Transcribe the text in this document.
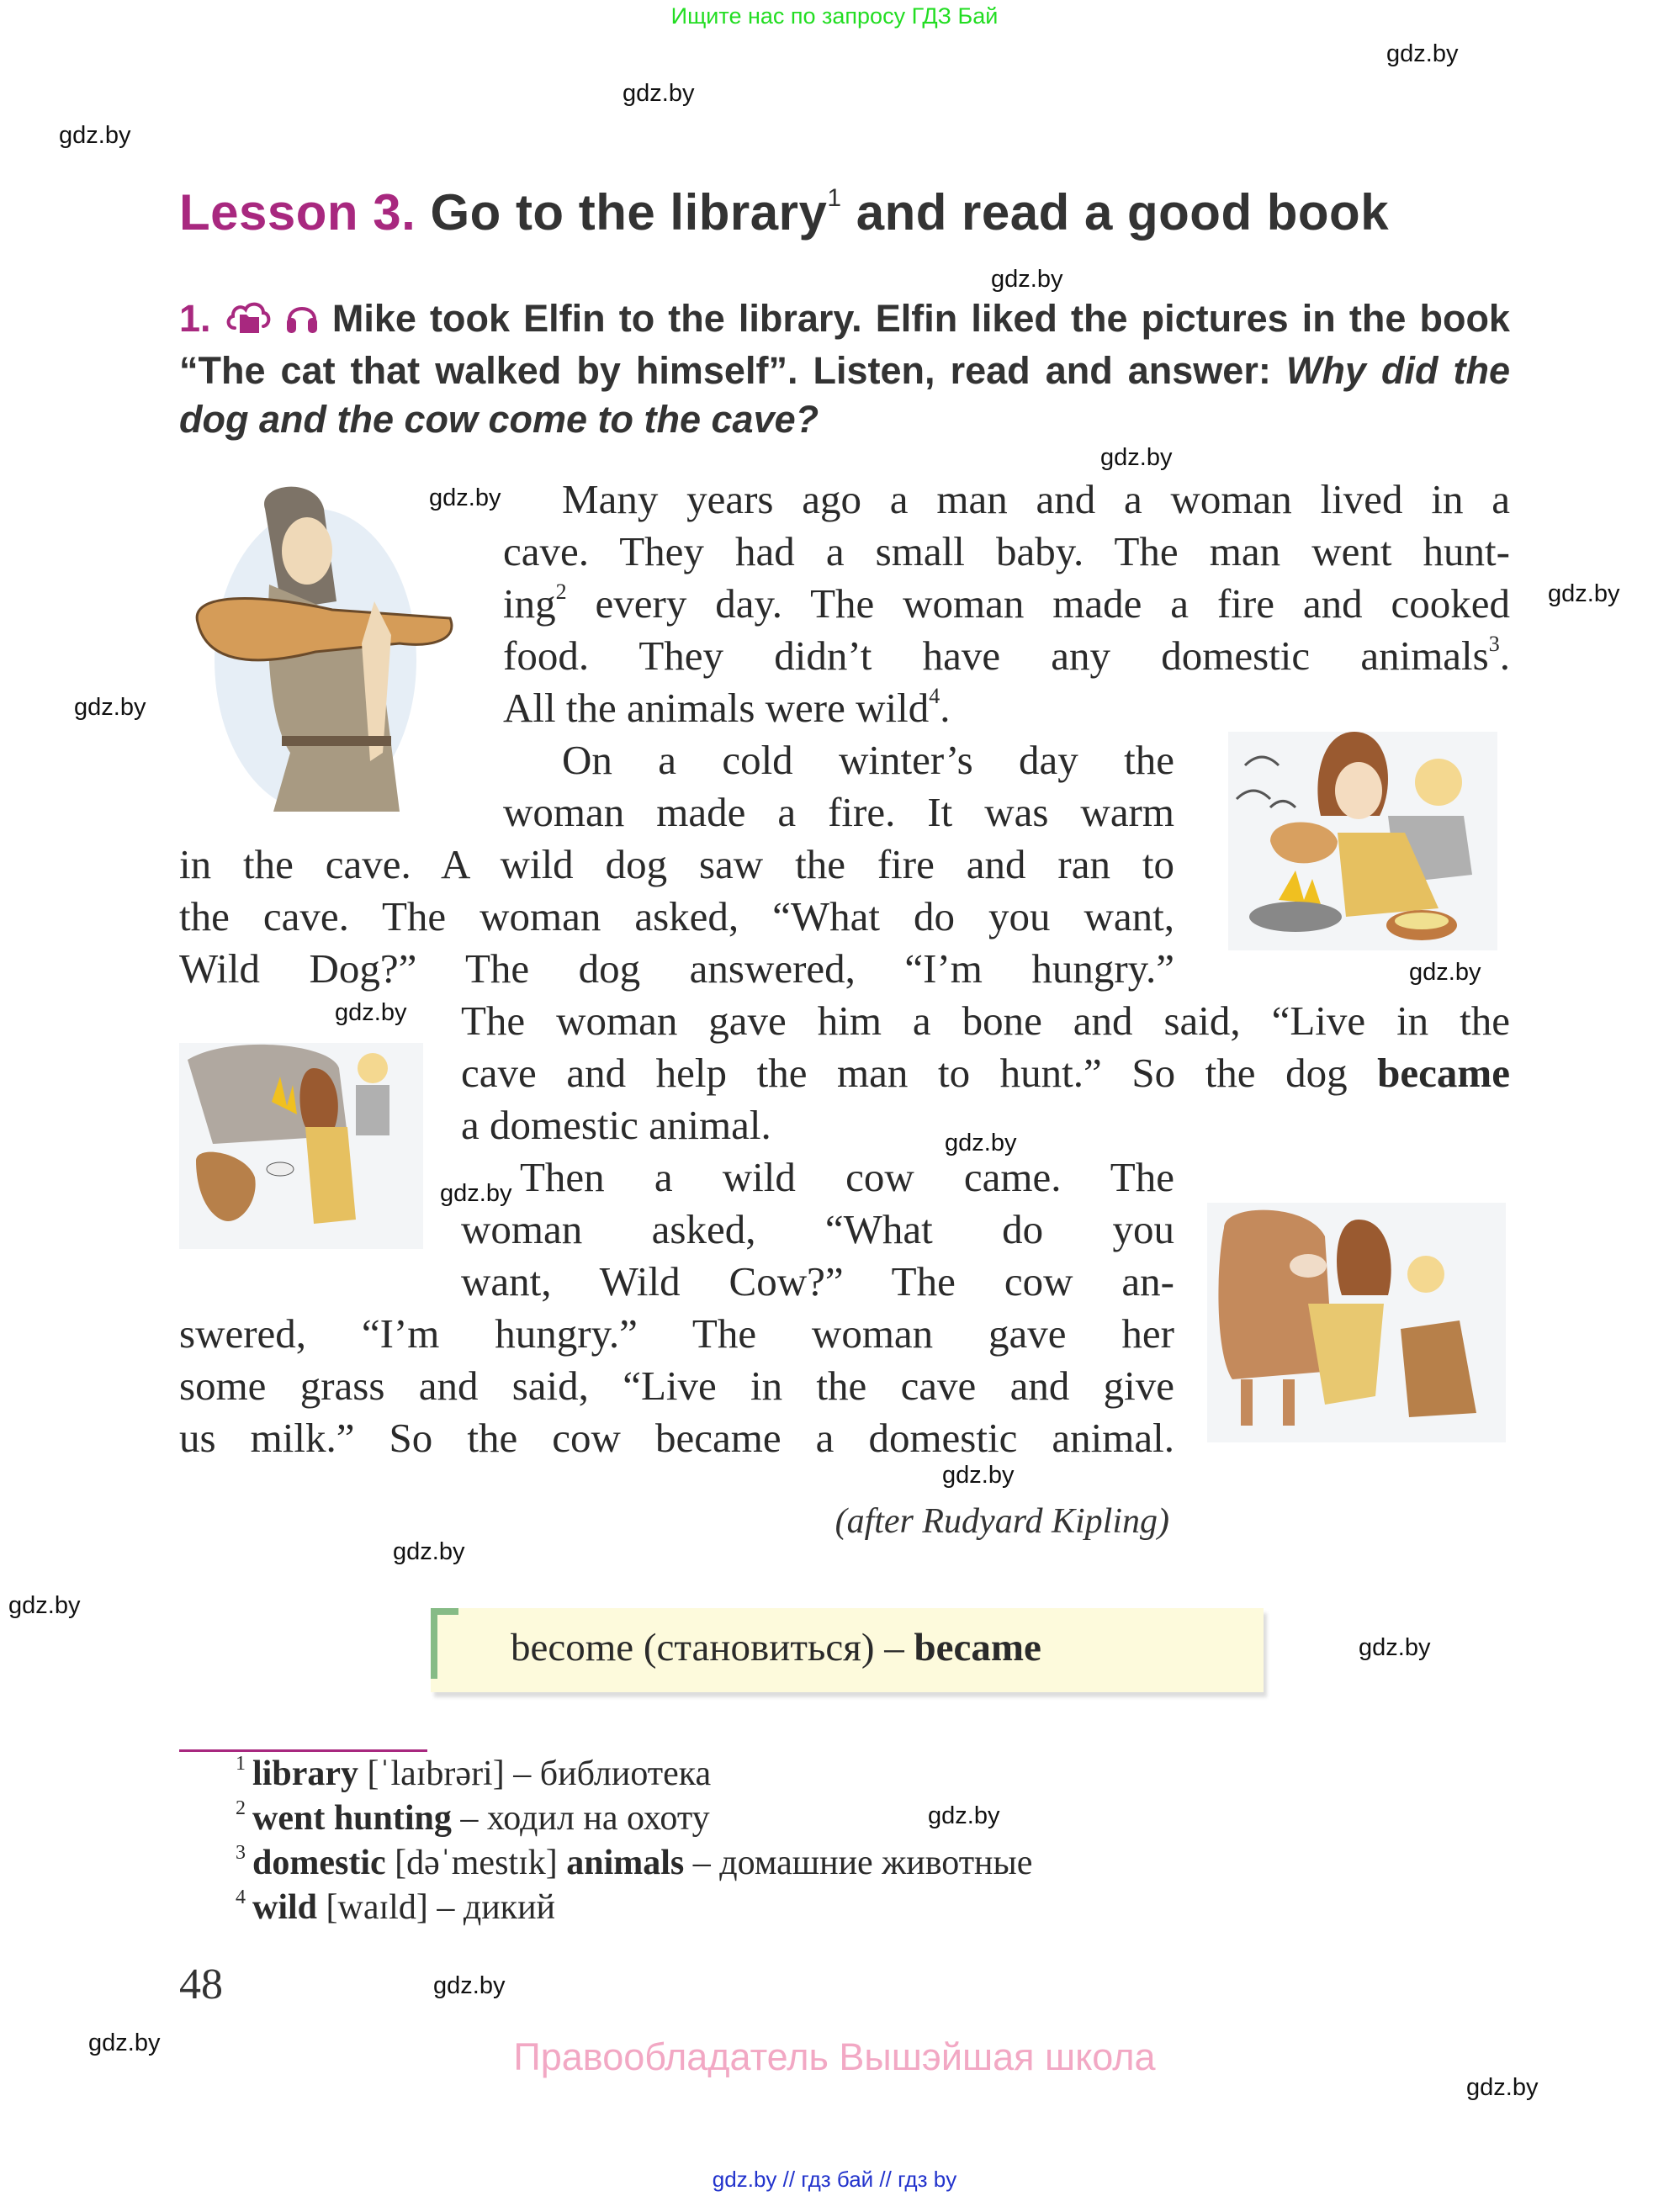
Ищите нас по запросу ГДЗ Бай
gdz.by
gdz.by
gdz.by
gdz.by
gdz.by
gdz.by
gdz.by
gdz.by
gdz.by
gdz.by
gdz.by
gdz.by
gdz.by
gdz.by
gdz.by
gdz.by
gdz.by
gdz.by
gdz.by
gdz.by
Lesson 3. Go to the library$^1$ and read a good book
1.	Mike took Elfin to the library. Elfin liked the pictures in the book “The cat that walked by himself”. Listen, read and answer: Why did the dog and the cow come to the cave?
Many years ago a man and a woman lived in a
cave. They had a small baby. The man went hunt-
ing$^2$ every day. The woman made a fire and cooked
food. They didn’t have any domestic animals$^3$.
All the animals were wild$^4$.
On a cold winter’s day the
woman made a fire. It was warm
in the cave. A wild dog saw the fire and ran to
the cave. The woman asked, “What do you want,
Wild Dog?” The dog answered, “I’m hungry.”
The woman gave him a bone and said, “Live in the
cave and help the man to hunt.” So the dog became
a domestic animal.
Then a wild cow came. The
woman asked, “What do you
want, Wild Cow?” The cow an-
swered, “I’m hungry.” The woman gave her
some grass and said, “Live in the cave and give
us milk.” So the cow became a domestic animal.
(after Rudyard Kipling)
become (становиться) – became
$^1$ library [ˈlaɪbrəri] – библиотека
$^2$ went hunting – ходил на охоту
$^3$ domestic [dəˈmestɪk] animals – домашние животные
$^4$ wild [waɪld] – дикий
48
Правообладатель Вышэйшая школа
gdz.by // гдз бай // гдз by
